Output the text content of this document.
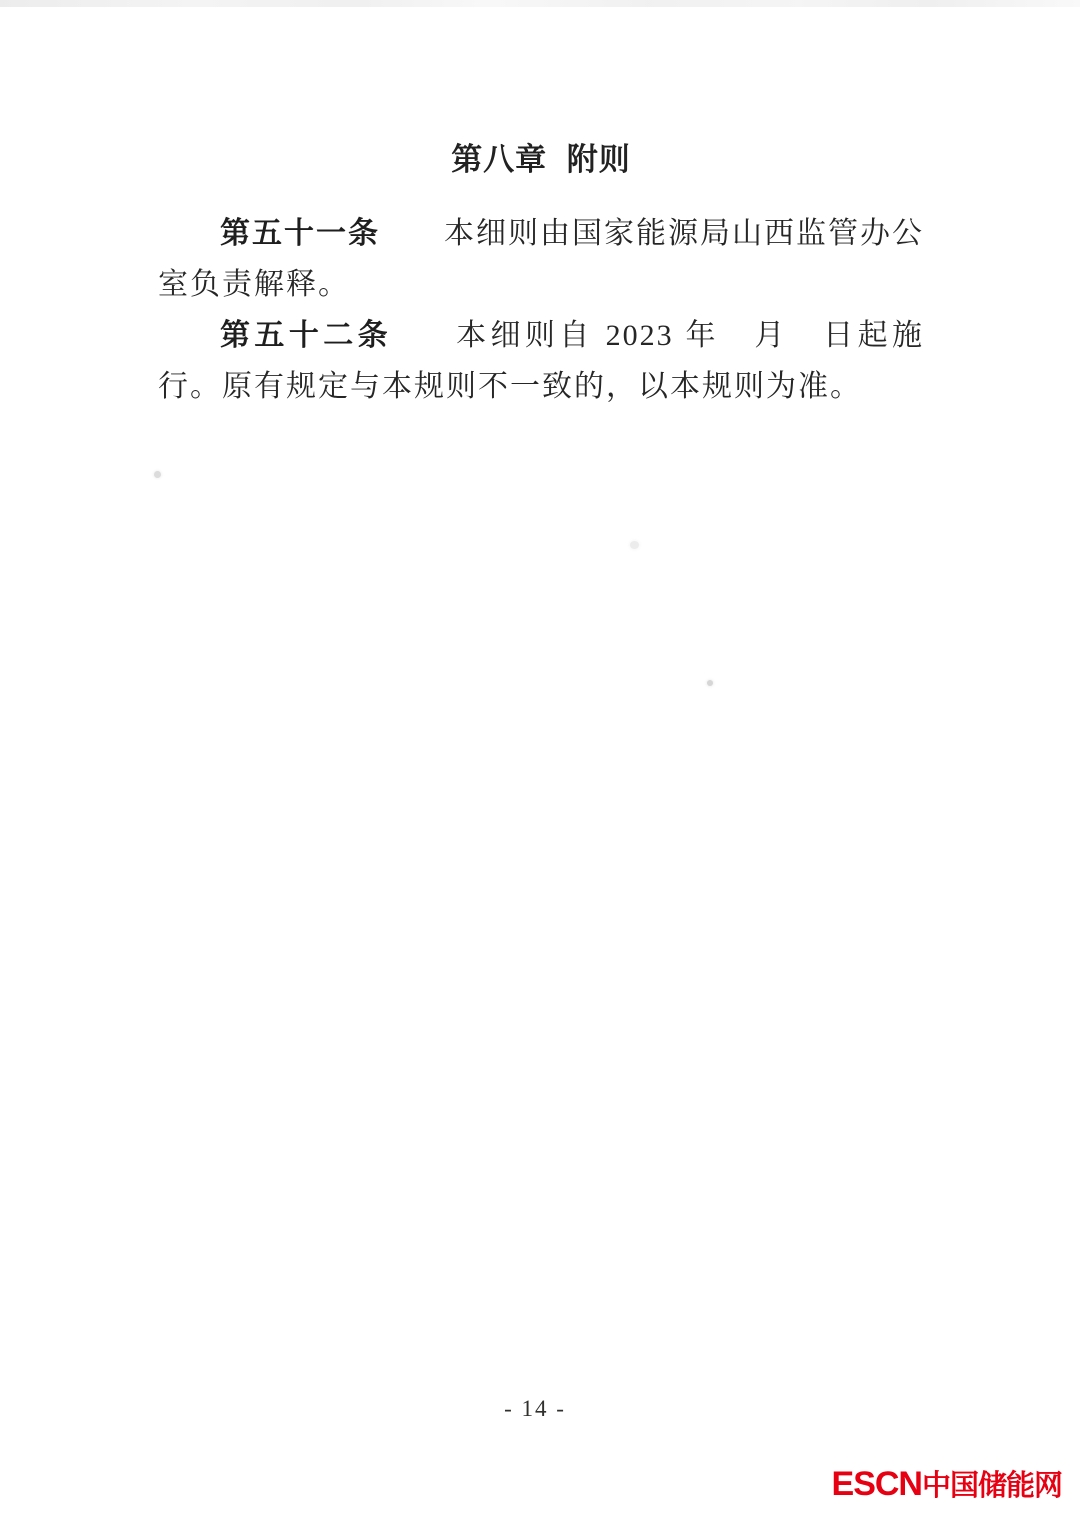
第八章 附则

第五十一条 本细则由国家能源局山西监管办公室负责解释。

第五十二条 本细则自 2023 年　月　日起施行。原有规定与本规则不一致的，以本规则为准。

- 14 -
ESCN中国储能网
